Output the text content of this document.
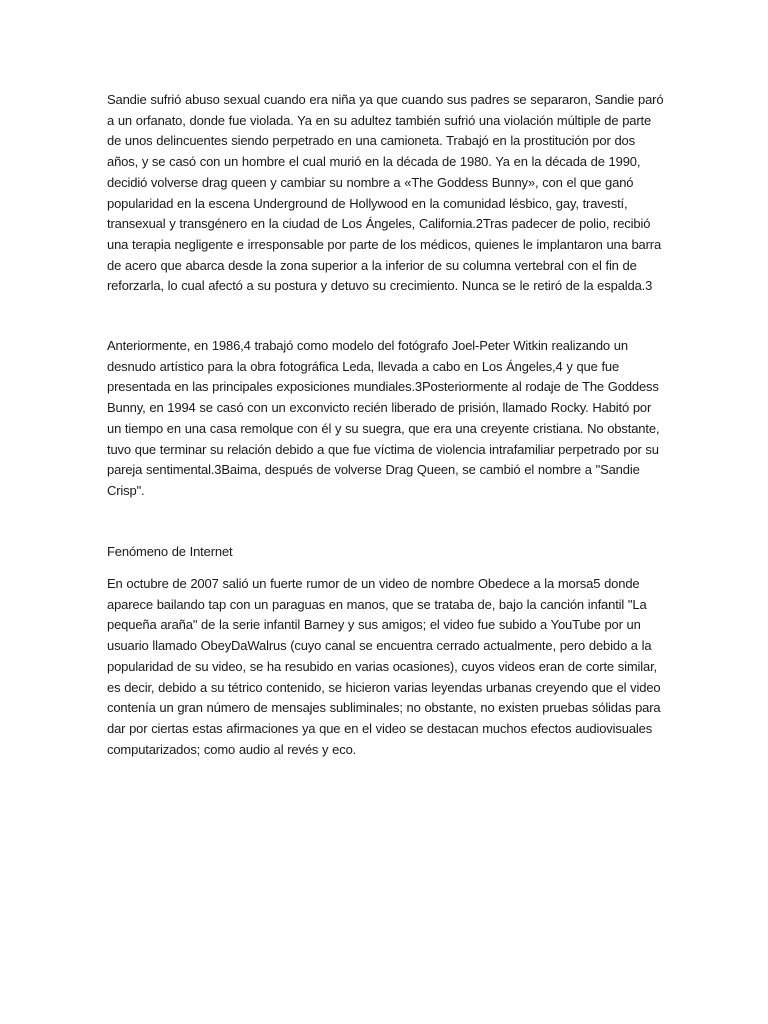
Sandie sufrió abuso sexual cuando era niña ya que cuando sus padres se separaron, Sandie paró a un orfanato, donde fue violada. Ya en su adultez también sufrió una violación múltiple de parte de unos delincuentes siendo perpetrado en una camioneta. Trabajó en la prostitución por dos años, y se casó con un hombre el cual murió en la década de 1980. Ya en la década de 1990, decidió volverse drag queen y cambiar su nombre a «The Goddess Bunny», con el que ganó popularidad en la escena Underground de Hollywood en la comunidad lésbico, gay, travestí, transexual y transgénero en la ciudad de Los Ángeles, California.2Tras padecer de polio, recibió una terapia negligente e irresponsable por parte de los médicos, quienes le implantaron una barra de acero que abarca desde la zona superior a la inferior de su columna vertebral con el fin de reforzarla, lo cual afectó a su postura y detuvo su crecimiento. Nunca se le retiró de la espalda.3

Anteriormente, en 1986,4 trabajó como modelo del fotógrafo Joel-Peter Witkin realizando un desnudo artístico para la obra fotográfica Leda, llevada a cabo en Los Ángeles,4 y que fue presentada en las principales exposiciones mundiales.3Posteriormente al rodaje de The Goddess Bunny, en 1994 se casó con un exconvicto recién liberado de prisión, llamado Rocky. Habitó por un tiempo en una casa remolque con él y su suegra, que era una creyente cristiana. No obstante, tuvo que terminar su relación debido a que fue víctima de violencia intrafamiliar perpetrado por su pareja sentimental.3Baima, después de volverse Drag Queen, se cambió el nombre a "Sandie Crisp".

Fenómeno de Internet

En octubre de 2007 salió un fuerte rumor de un video de nombre Obedece a la morsa5 donde aparece bailando tap con un paraguas en manos, que se trataba de, bajo la canción infantil "La pequeña araña" de la serie infantil Barney y sus amigos; el video fue subido a YouTube por un usuario llamado ObeyDaWalrus (cuyo canal se encuentra cerrado actualmente, pero debido a la popularidad de su video, se ha resubido en varias ocasiones), cuyos videos eran de corte similar, es decir, debido a su tétrico contenido, se hicieron varias leyendas urbanas creyendo que el video contenía un gran número de mensajes subliminales; no obstante, no existen pruebas sólidas para dar por ciertas estas afirmaciones ya que en el video se destacan muchos efectos audiovisuales computarizados; como audio al revés y eco.
